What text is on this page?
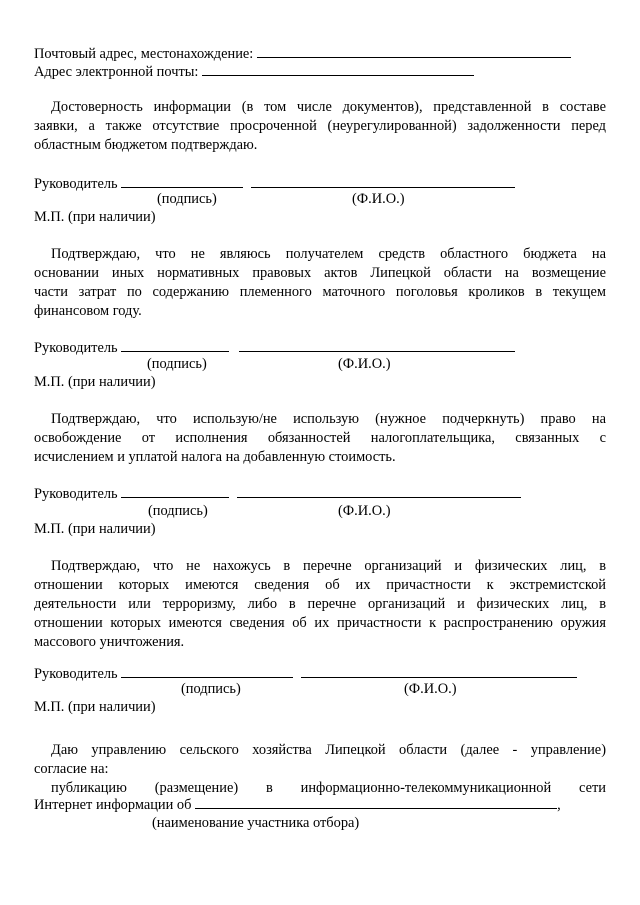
Почтовый адрес, местонахождение:
Адрес электронной почты:
Достоверность информации (в том числе документов), представленной в составе
заявки, а также отсутствие просроченной (неурегулированной) задолженности перед
областным бюджетом подтверждаю.
Руководитель
(подпись)	(Ф.И.О.)
М.П. (при наличии)
Подтверждаю, что не являюсь получателем средств областного бюджета на
основании иных нормативных правовых актов Липецкой области на возмещение
части затрат по содержанию племенного маточного поголовья кроликов в текущем
финансовом году.
Руководитель
(подпись)	(Ф.И.О.)
М.П. (при наличии)
Подтверждаю, что использую/не использую (нужное подчеркнуть) право на
освобождение от исполнения обязанностей налогоплательщика, связанных с
исчислением и уплатой налога на добавленную стоимость.
Руководитель
(подпись)	(Ф.И.О.)
М.П. (при наличии)
Подтверждаю, что не нахожусь в перечне организаций и физических лиц, в
отношении которых имеются сведения об их причастности к экстремистской
деятельности или терроризму, либо в перечне организаций и физических лиц, в
отношении которых имеются сведения об их причастности к распространению оружия
массового уничтожения.
Руководитель
(подпись)	(Ф.И.О.)
М.П. (при наличии)
Даю управлению сельского хозяйства Липецкой области (далее - управление)
согласие на:
публикацию (размещение) в информационно-телекоммуникационной сети
Интернет информации об	,
(наименование участника отбора)
